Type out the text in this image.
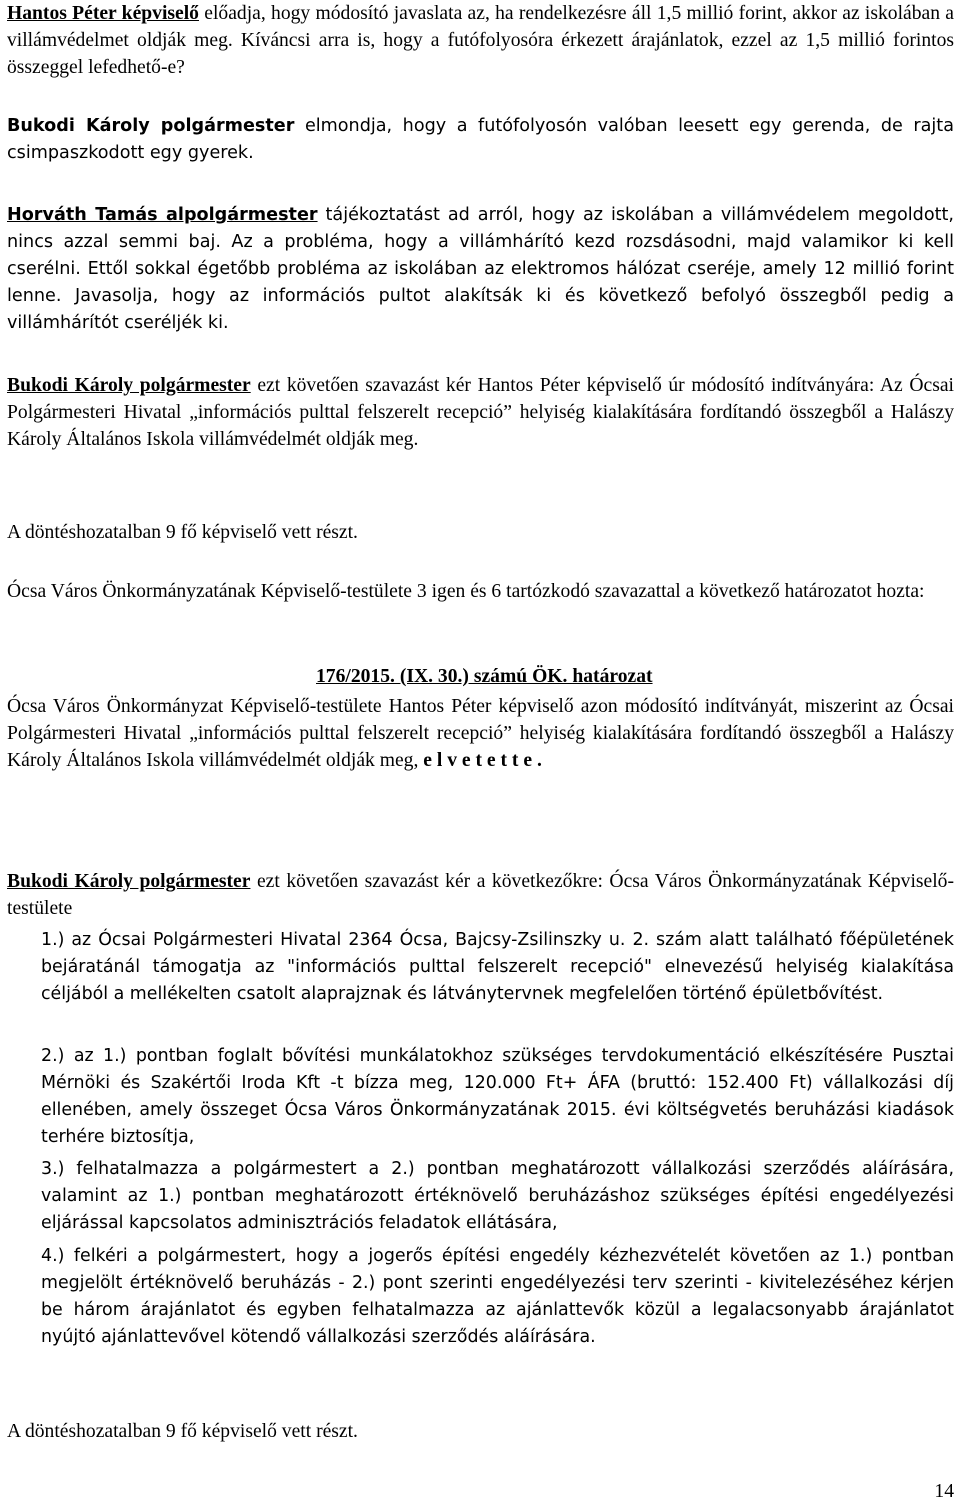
Hantos Péter képviselő előadja, hogy módosító javaslata az, ha rendelkezésre áll 1,5 millió forint, akkor az iskolában a villámvédelmet oldják meg. Kíváncsi arra is, hogy a futófolyosóra érkezett árajánlatok, ezzel az 1,5 millió forintos összeggel lefedhető-e?

Bukodi Károly polgármester elmondja, hogy a futófolyosón valóban leesett egy gerenda, de rajta csimpaszkodott egy gyerek.

Horváth Tamás alpolgármester tájékoztatást ad arról, hogy az iskolában a villámvédelem megoldott, nincs azzal semmi baj. Az a probléma, hogy a villámhárító kezd rozsdásodni, majd valamikor ki kell cserélni. Ettől sokkal égetőbb probléma az iskolában az elektromos hálózat cseréje, amely 12 millió forint lenne. Javasolja, hogy az információs pultot alakítsák ki és következő befolyó összegből pedig a villámhárítót cseréljék ki.

Bukodi Károly polgármester ezt követően szavazást kér Hantos Péter képviselő úr módosító indítványára: Az Ócsai Polgármesteri Hivatal „információs pulttal felszerelt recepció” helyiség kialakítására fordítandó összegből a Halászy Károly Általános Iskola villámvédelmét oldják meg.

A döntéshozatalban 9 fő képviselő vett részt.

Ócsa Város Önkormányzatának Képviselő-testülete 3 igen és 6 tartózkodó szavazattal a következő határozatot hozta:

176/2015. (IX. 30.) számú ÖK. határozat

Ócsa Város Önkormányzat Képviselő-testülete Hantos Péter képviselő azon módosító indítványát, miszerint az Ócsai Polgármesteri Hivatal „információs pulttal felszerelt recepció” helyiség kialakítására fordítandó összegből a Halászy Károly Általános Iskola villámvédelmét oldják meg, e l v e t e t t e .

Bukodi Károly polgármester ezt követően szavazást kér a következőkre: Ócsa Város Önkormányzatának Képviselő-testülete

1.) az Ócsai Polgármesteri Hivatal 2364 Ócsa, Bajcsy-Zsilinszky u. 2. szám alatt található főépületének bejáratánál támogatja az "információs pulttal felszerelt recepció" elnevezésű helyiség kialakítása céljából a mellékelten csatolt alaprajznak és látványtervnek megfelelően történő épületbővítést.

2.) az 1.) pontban foglalt bővítési munkálatokhoz szükséges tervdokumentáció elkészítésére Pusztai Mérnöki és Szakértői Iroda Kft -t bízza meg, 120.000 Ft+ ÁFA (bruttó: 152.400 Ft) vállalkozási díj ellenében, amely összeget Ócsa Város Önkormányzatának 2015. évi költségvetés beruházási kiadások terhére biztosítja,

3.) felhatalmazza a polgármestert a 2.) pontban meghatározott vállalkozási szerződés aláírására, valamint az 1.) pontban meghatározott értéknövelő beruházáshoz szükséges építési engedélyezési eljárással kapcsolatos adminisztrációs feladatok ellátására,

4.) felkéri a polgármestert, hogy a jogerős építési engedély kézhezvételét követően az 1.) pontban megjelölt értéknövelő beruházás - 2.) pont szerinti engedélyezési terv szerinti - kivitelezéséhez kérjen be három árajánlatot és egyben felhatalmazza az ajánlattevők közül a legalacsonyabb árajánlatot nyújtó ajánlattevővel kötendő vállalkozási szerződés aláírására.

A döntéshozatalban 9 fő képviselő vett részt.

14
